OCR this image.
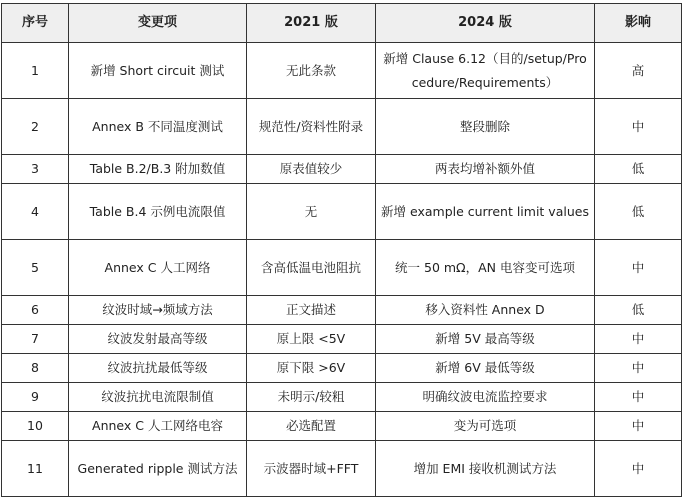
序号	变更项	2021 版	2024 版	影响
1	新增 Short circuit 测试	无此条款	新增 Clause 6.12（目的/setup/Procedure/Requirements）	高
2	Annex B 不同温度测试	规范性/资料性附录	整段删除	中
3	Table B.2/B.3 附加数值	原表值较少	两表均增补额外值	低
4	Table B.4 示例电流限值	无	新增 example current limit values	低
5	Annex C 人工网络	含高低温电池阻抗	统一 50 mΩ，AN 电容变可选项	中
6	纹波时域→频域方法	正文描述	移入资料性 Annex D	低
7	纹波发射最高等级	原上限 <5V	新增 5V 最高等级	中
8	纹波抗扰最低等级	原下限 >6V	新增 6V 最低等级	中
9	纹波抗扰电流限制值	未明示/较粗	明确纹波电流监控要求	中
10	Annex C 人工网络电容	必选配置	变为可选项	中
11	Generated ripple 测试方法	示波器时域+FFT	增加 EMI 接收机测试方法	中
